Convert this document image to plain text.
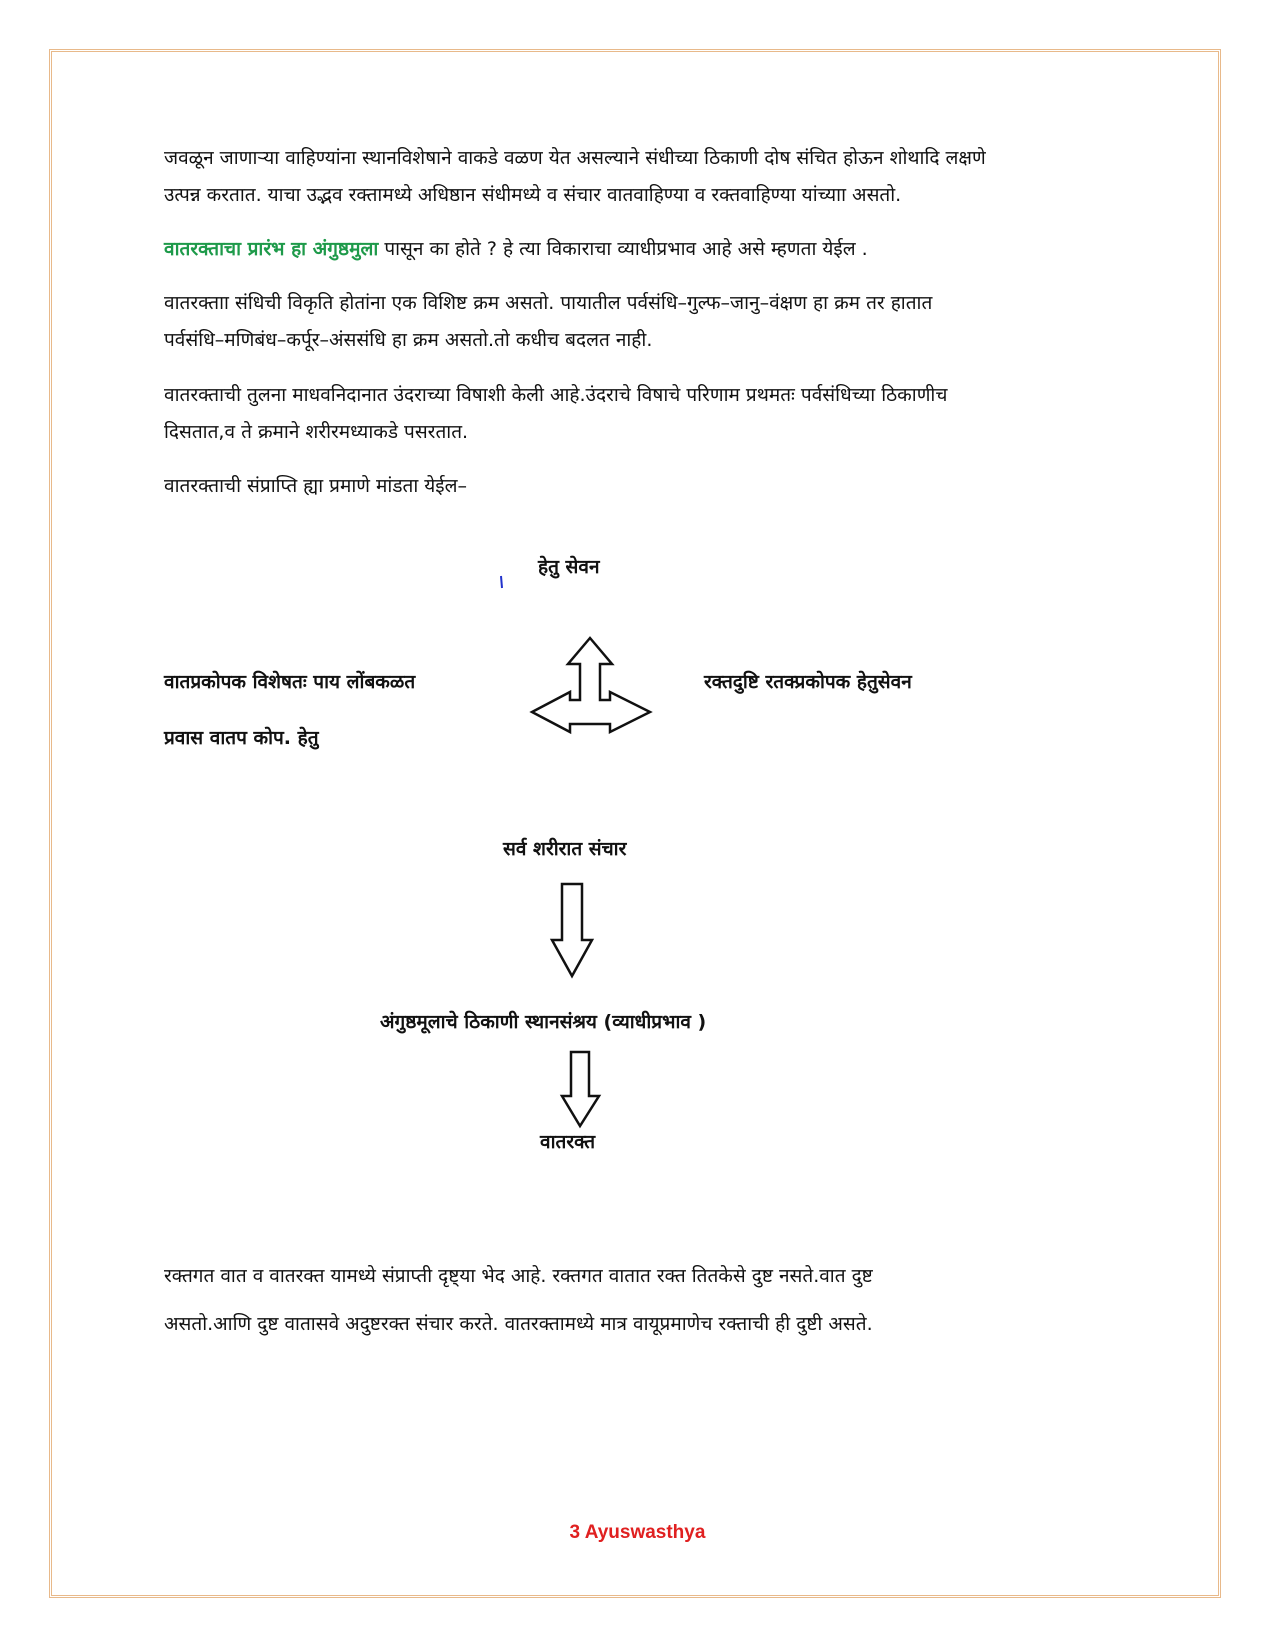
जवळून जाणाऱ्या वाहिण्यांना स्थानविशेषाने वाकडे वळण येत असल्याने संधीच्या ठिकाणी दोष संचित होऊन शोथादि लक्षणे
उत्पन्न करतात. याचा उद्भव रक्तामध्ये अधिष्ठान संधीमध्ये व संचार वातवाहिण्या व रक्तवाहिण्या यांच्याा असतो.

वातरक्ताचा प्रारंभ हा अंगुष्ठमुला पासून का होते ? हे त्या विकाराचा व्याधीप्रभाव आहे असे म्हणता येईल .

वातरक्ताा संधिची विकृति होतांना एक विशिष्ट क्रम असतो. पायातील पर्वसंधि–गुल्फ–जानु–वंक्षण हा क्रम तर हातात
पर्वसंधि–मणिबंध–कर्पूर–अंससंधि हा क्रम असतो.तो कधीच बदलत नाही.

वातरक्ताची तुलना माधवनिदानात उंदराच्या विषाशी केली आहे.उंदराचे विषाचे परिणाम प्रथमतः पर्वसंधिच्या ठिकाणीच
दिसतात,व ते क्रमाने शरीरमध्याकडे पसरतात.

वातरक्ताची संप्राप्ति ह्या प्रमाणे मांडता येईल–

हेतु सेवन
वातप्रकोपक विशेषतः पाय लोंबकळत
प्रवास वातप कोप. हेतु
रक्तदुष्टि रतक्प्रकोपक हेतुसेवन
सर्व शरीरात संचार
अंगुष्ठमूलाचे ठिकाणी स्थानसंश्रय (व्याधीप्रभाव )
वातरक्त

रक्तगत वात व वातरक्त यामध्ये संप्राप्ती दृष्ट्या भेद आहे. रक्तगत वातात रक्त तितकेसे दुष्ट नसते.वात दुष्ट
असतो.आणि दुष्ट वातासवे अदुष्टरक्त संचार करते. वातरक्तामध्ये मात्र वायूप्रमाणेच रक्ताची ही दुष्टी असते.

3 Ayuswasthya
